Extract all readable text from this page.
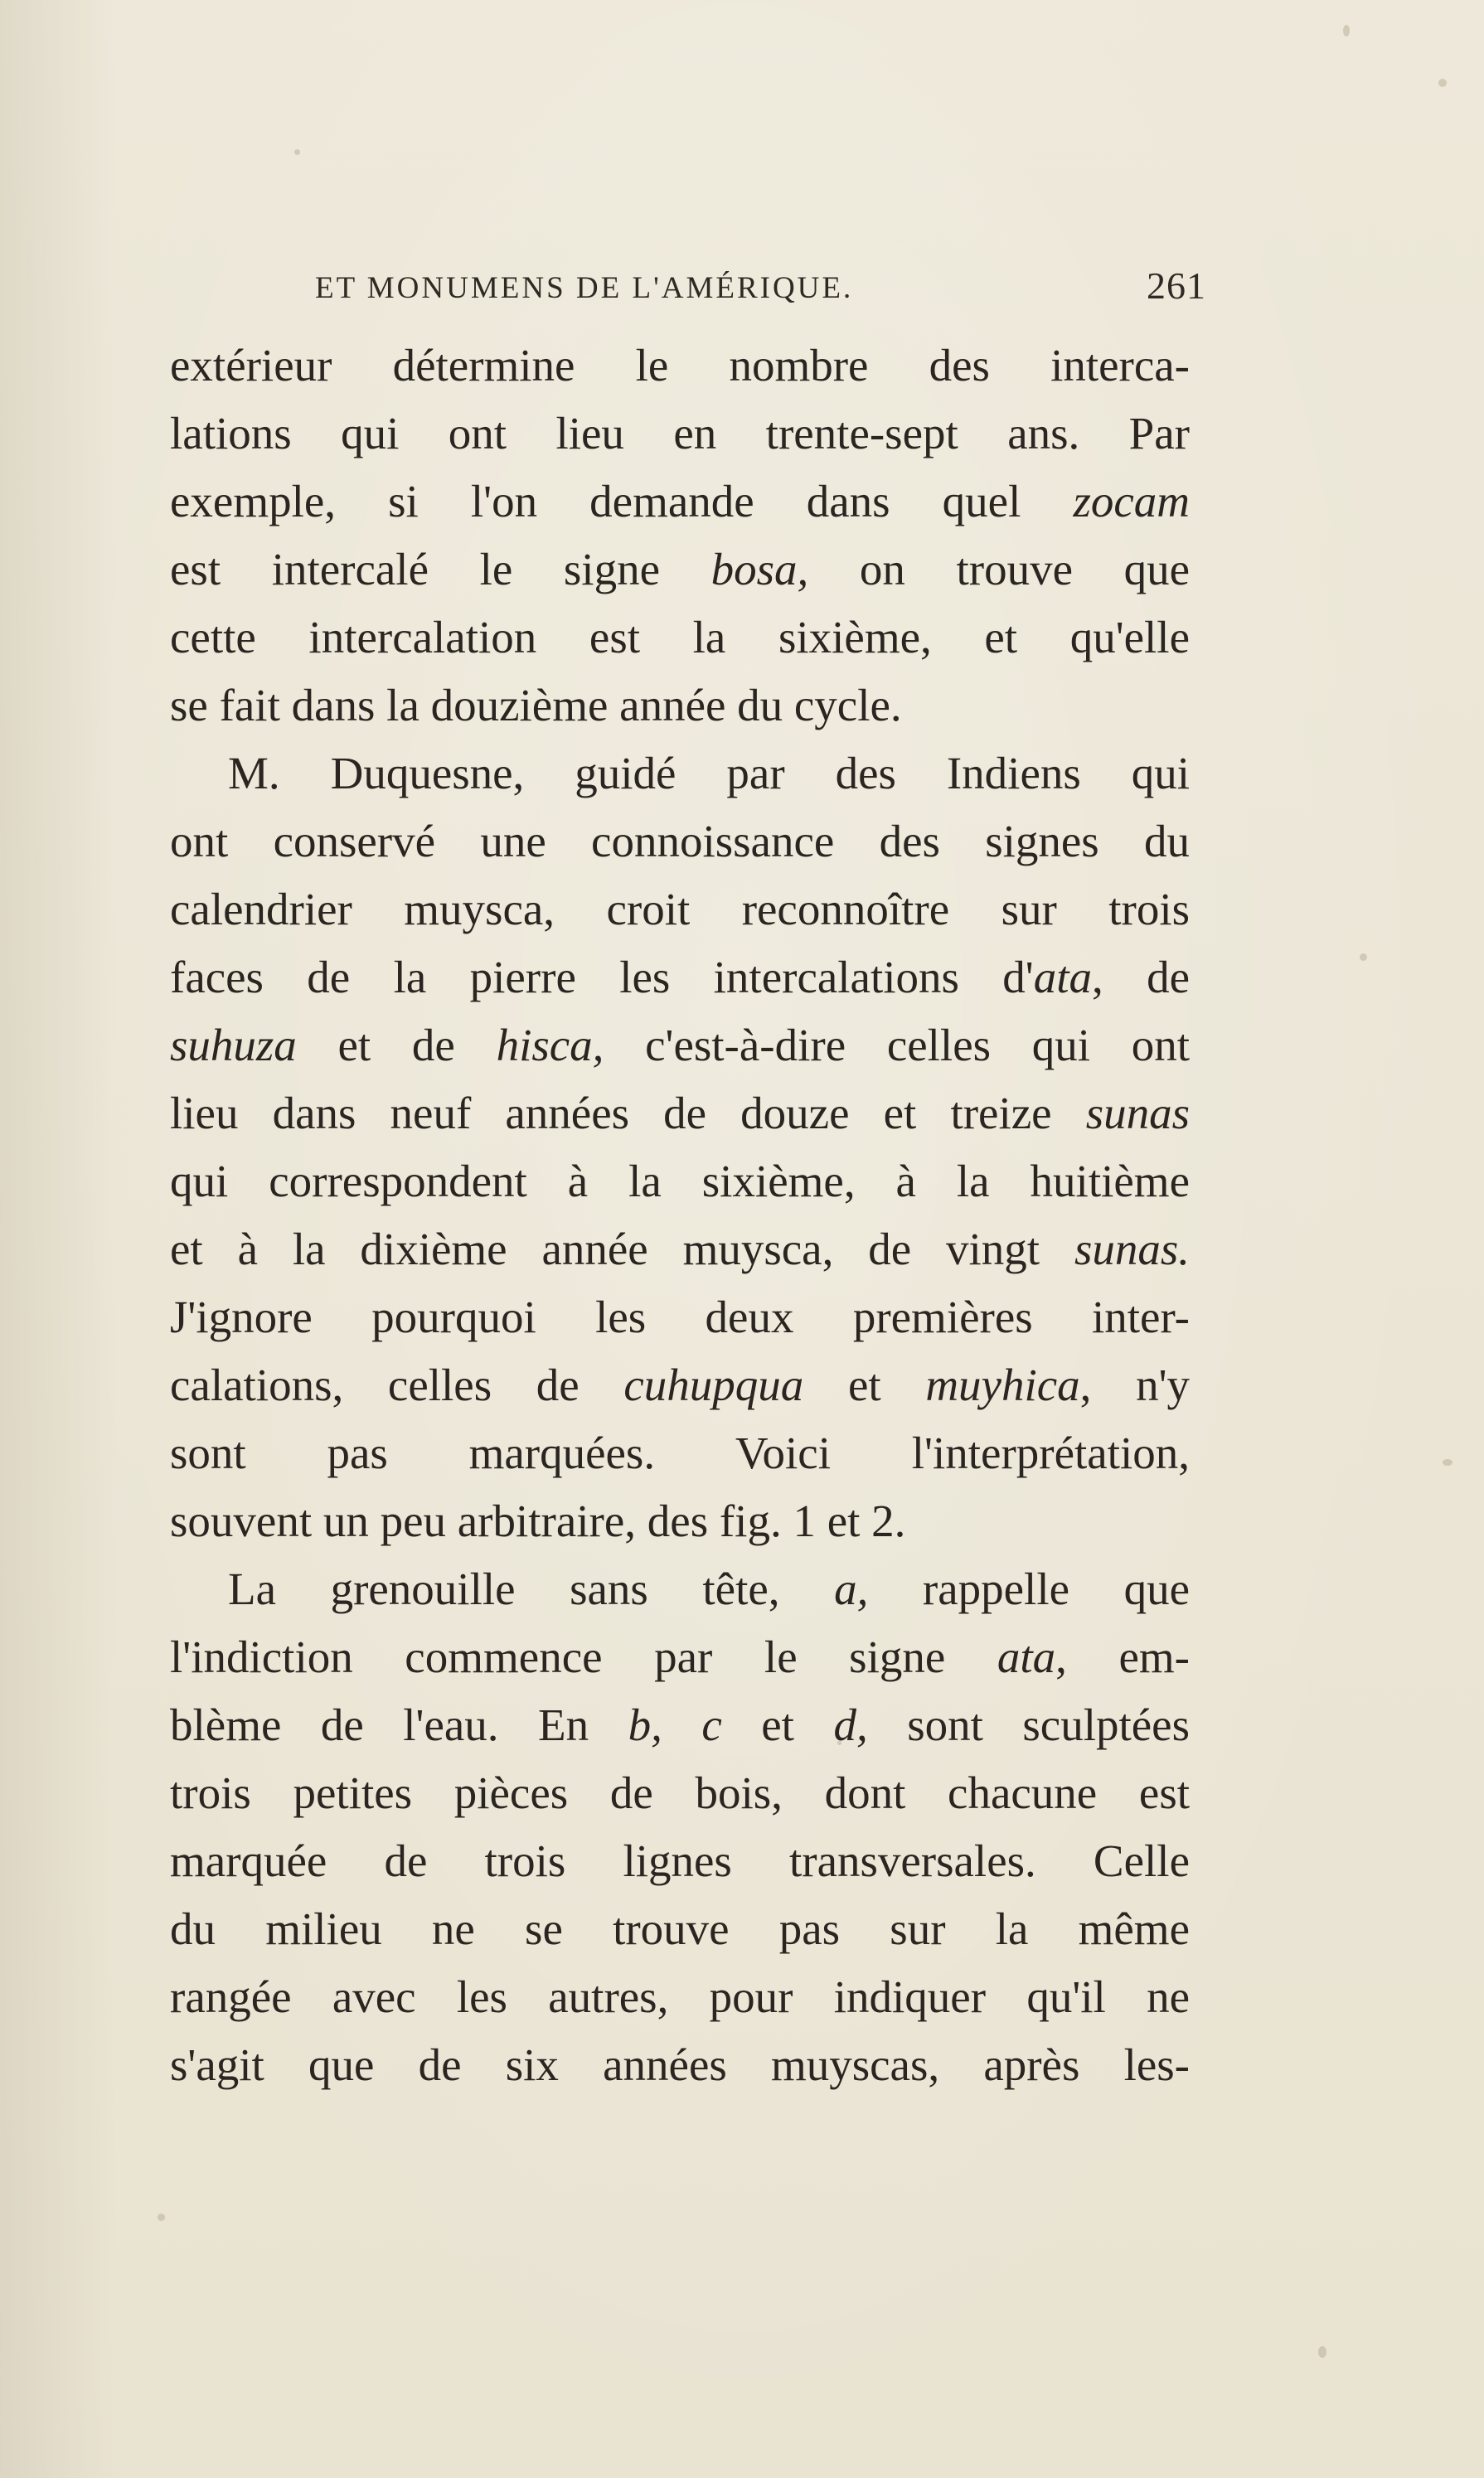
ET MONUMENS DE L'AMÉRIQUE.	261
extérieur détermine le nombre des interca-
lations qui ont lieu en trente-sept ans. Par
exemple, si l'on demande dans quel zocam
est intercalé le signe bosa, on trouve que
cette intercalation est la sixième, et qu'elle
se fait dans la douzième année du cycle.
M. Duquesne, guidé par des Indiens qui
ont conservé une connoissance des signes du
calendrier muysca, croit reconnoître sur trois
faces de la pierre les intercalations d'ata, de
suhuza et de hisca, c'est-à-dire celles qui ont
lieu dans neuf années de douze et treize sunas
qui correspondent à la sixième, à la huitième
et à la dixième année muysca, de vingt sunas.
J'ignore pourquoi les deux premières inter-
calations, celles de cuhupqua et muyhica, n'y
sont pas marquées. Voici l'interprétation,
souvent un peu arbitraire, des fig. 1 et 2.
La grenouille sans tête, a, rappelle que
l'indiction commence par le signe ata, em-
blème de l'eau. En b, c et d, sont sculptées
trois petites pièces de bois, dont chacune est
marquée de trois lignes transversales. Celle
du milieu ne se trouve pas sur la même
rangée avec les autres, pour indiquer qu'il ne
s'agit que de six années muyscas, après les-
